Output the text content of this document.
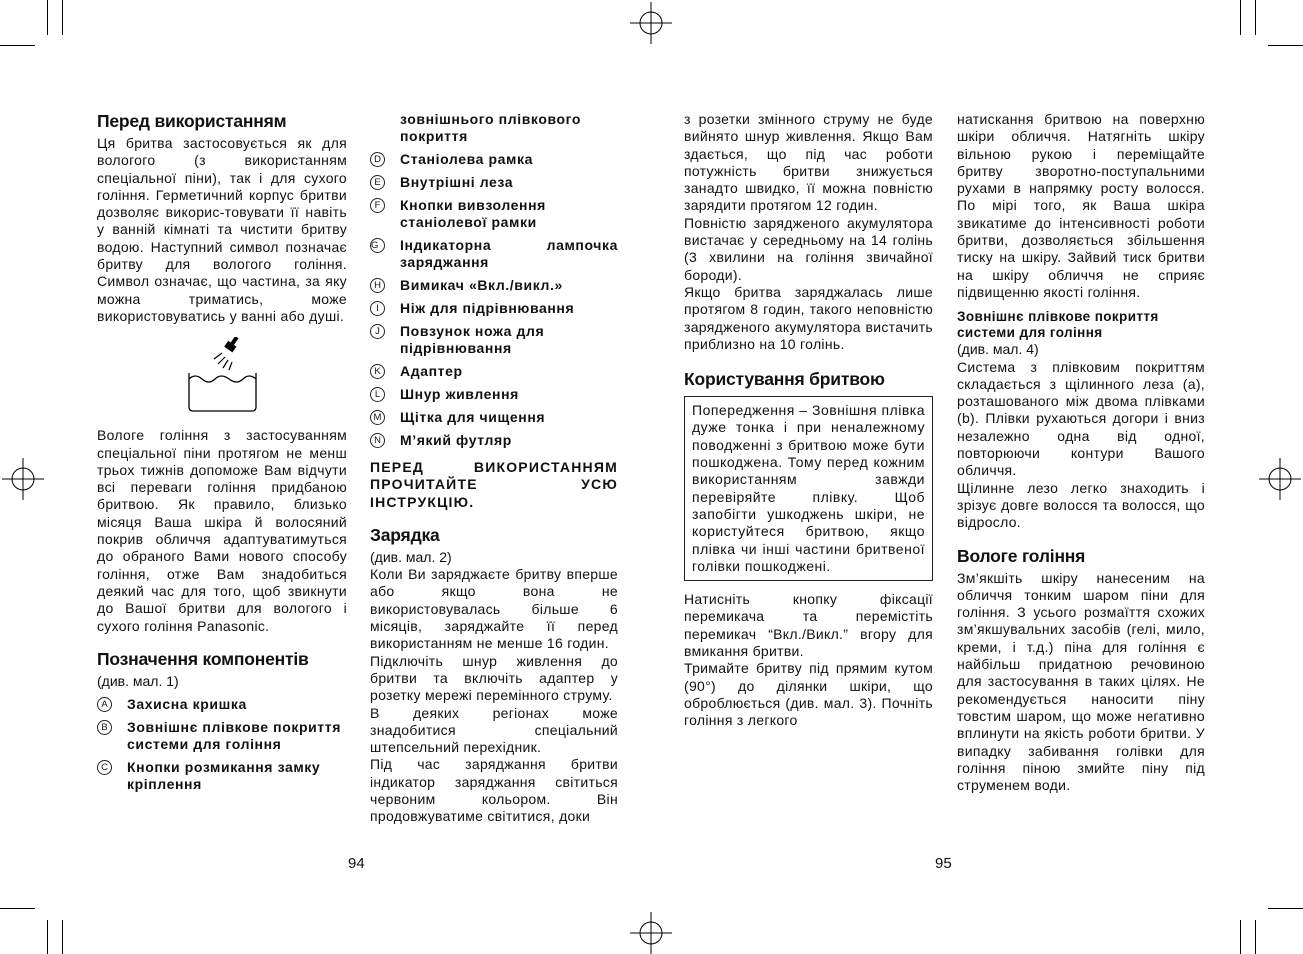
Перед використанням

Ця бритва застосовується як для вологого (з використанням спеціальної піни), так і для сухого гоління. Герметичний корпус бритви дозволяє викорис-товувати її навіть у ванній кімнаті та чистити бритву водою. Наступний символ позначає бритву для вологого гоління. Символ означає, що частина, за яку можна триматись, може використовуватись у ванні або душі.

Вологе гоління з застосуванням спеціальної піни протягом не менш трьох тижнів допоможе Вам відчути всі переваги гоління придбаною бритвою. Як правило, близько місяця Ваша шкіра й волосяний покрив обличчя адаптуватимуться до обраного Вами нового способу гоління, отже Вам знадобиться деякий час для того, щоб звикнути до Вашої бритви для вологого і сухого гоління Panasonic.

Позначення компонентів
(див. мал. 1)
A	Захисна кришка
B	Зовнішнє плівкове покриття системи для гоління
C Кнопки розмикання замку кріплення
зовнішнього плівкового покриття
D Станіолева рамка
E	Внутрішні леза
F	Кнопки вивзолення станіолевої рамки
G	Індикаторна лампочка заряджання
H Вимикач «Вкл./викл.»
I	Ніж для підрівнювання
J	Повзунок ножа для підрівнювання
K	Адаптер
L	Шнур живлення
M Щітка для чищення
N М’який футляр
ПЕРЕД ВИКОРИСТАННЯМ ПРОЧИТАЙТЕ УСЮ ІНСТРУКЦІЮ.
Зарядка
(див. мал. 2)

Коли Ви заряджаєте бритву вперше або якщо вона не використовувалась більше 6 місяців, заряджайте її перед використанням не менше 16 годин.

Підключіть шнур живлення до бритви та включіть адаптер у розетку мережі перемінного струму.

В деяких регіонах може знадобитися спеціальний штепсельний перехідник.

Під час заряджання бритви індикатор заряджання світиться червоним кольором. Він продовжуватиме світитися, доки

з розетки змінного струму не буде вийнято шнур живлення. Якщо Вам здається, що під час роботи потужність бритви знижується занадто швидко, її можна повністю зарядити протягом 12 годин.

Повністю зарядженого акумулятора вистачає у середньому на 14 голінь (3 хвилини на гоління звичайної бороди).

Якщо бритва заряджалась лише протягом 8 годин, такого неповністю зарядженого акумулятора вистачить приблизно на 10 голінь.

Користування бритвою

Попередження – Зовнішня плівка дуже тонка і при неналежному поводженні з бритвою може бути пошкоджена. Тому перед кожним використанням завжди перевіряйте плівку. Щоб запобігти ушкоджень шкіри, не користуйтеся бритвою, якщо плівка чи інші частини бритвеної голівки пошкоджені.

Натисніть кнопку фіксації перемикача та перемістіть перемикач “Вкл./Викл.” вгору для вмикання бритви.

Тримайте бритву під прямим кутом (90°) до ділянки шкіри, що оброблюється (див. мал. 3). Почніть гоління з легкого

натискання бритвою на поверхню шкіри обличчя. Натягніть шкіру вільною рукою і переміщайте бритву зворотно-поступальними рухами в напрямку росту волосся. По мірі того, як Ваша шкіра звикатиме до інтенсивності роботи бритви, дозволяється збільшення тиску на шкіру. Зайвий тиск бритви на шкіру обличчя не сприяє підвищенню якості гоління.

Зовнішнє плівкове покриття системи для гоління
(див. мал. 4)

Система з плівковим покриттям складається з щілинного леза (a), розташованого між двома плівками (b). Плівки рухаються догори і вниз незалежно одна від одної, повторюючи контури Вашого обличчя.

Щілинне лезо легко знаходить і зрізує довге волосся та волосся, що відросло.

Вологе гоління

Зм’якшіть шкіру нанесеним на обличчя тонким шаром піни для гоління. З усього розмаїття схожих зм’якшувальних засобів (гелі, мило, креми, і т.д.) піна для гоління є найбільш придатною речовиною для застосування в таких цілях. Не рекомендується наносити піну товстим шаром, що може негативно вплинути на якість роботи бритви. У випадку забивання голівки для гоління піною змийте піну під струменем води.

94	95
